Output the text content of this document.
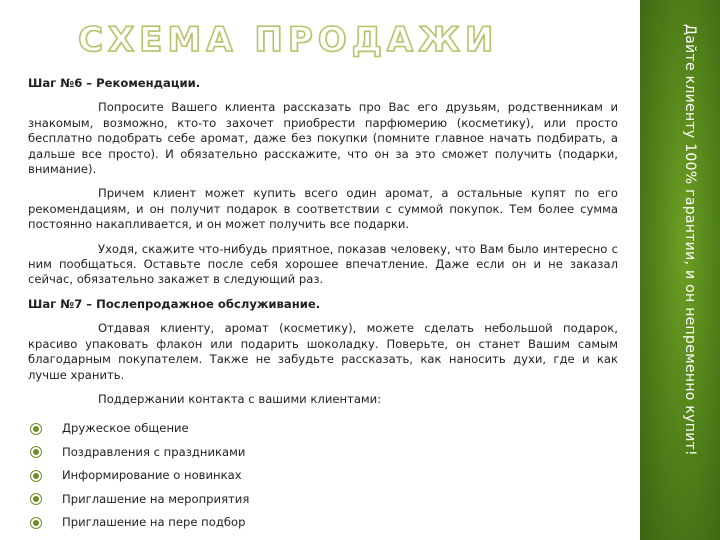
СХЕМА ПРОДАЖИ

Шаг №6 – Рекомендации.

Попросите Вашего клиента рассказать про Вас его друзьям, родственникам и знакомым, возможно, кто-то захочет приобрести парфюмерию (косметику), или просто бесплатно подобрать себе аромат, даже без покупки (помните главное начать подбирать, а дальше все просто). И обязательно расскажите, что он за это сможет получить (подарки, внимание).

Причем клиент может купить всего один аромат, а остальные купят по его рекомендациям, и он получит подарок в соответствии с суммой покупок. Тем более сумма постоянно накапливается, и он может получить все подарки.

Уходя, скажите что-нибудь приятное, показав человеку, что Вам было интересно с ним пообщаться. Оставьте после себя хорошее впечатление. Даже если он и не заказал сейчас, обязательно закажет в следующий раз.

Шаг №7 – Послепродажное обслуживание.

Отдавая клиенту, аромат (косметику), можете сделать небольшой подарок, красиво упаковать флакон или подарить шоколадку. Поверьте, он станет Вашим самым благодарным покупателем. Также не забудьте рассказать, как наносить духи, где и как лучше хранить.

Поддержании контакта с вашими клиентами:

Дружеское общение
Поздравления с праздниками
Информирование о новинках
Приглашение на мероприятия
Приглашение на пере подбор
Дайте клиенту 100% гарантии, и он непременно купит!
